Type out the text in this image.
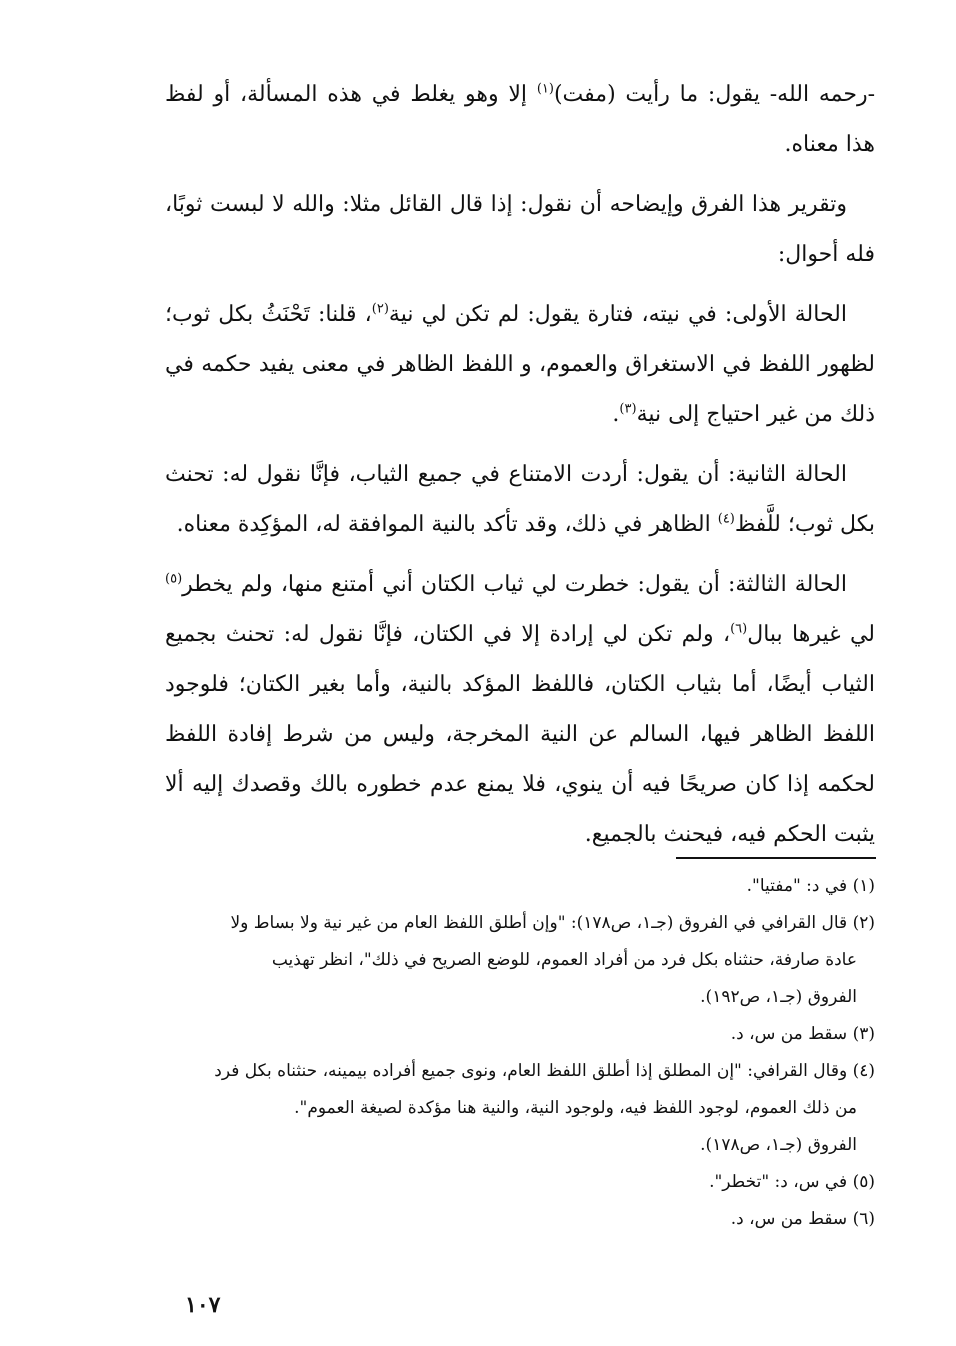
-رحمه الله- يقول: ما رأيت (مفت)$^{(١)}$ إلا وهو يغلط في هذه المسألة، أو لفظ هذا معناه.

وتقرير هذا الفرق وإيضاحه أن نقول: إذا قال القائل مثلا: والله لا لبست ثوبًا، فله أحوال:

الحالة الأولى: في نيته، فتارة يقول: لم تكن لي نية$^{(٢)}$، قلنا: تَحْنَثُ بكل ثوب؛ لظهور اللفظ في الاستغراق والعموم، و اللفظ الظاهر في معنى يفيد حكمه في ذلك من غير احتياج إلى نية$^{(٣)}$.

الحالة الثانية: أن يقول: أردت الامتناع في جميع الثياب، فإنَّا نقول له: تحنث بكل ثوب؛ للَّفظ$^{(٤)}$ الظاهر في ذلك، وقد تأكد بالنية الموافقة له، المؤكِدة معناه.

الحالة الثالثة: أن يقول: خطرت لي ثياب الكتان أني أمتنع منها، ولم يخطر$^{(٥)}$ لي غيرها ببال$^{(٦)}$، ولم تكن لي إرادة إلا في الكتان، فإنَّا نقول له: تحنث بجميع الثياب أيضًا، أما بثياب الكتان، فاللفظ المؤكد بالنية، وأما بغير الكتان؛ فلوجود اللفظ الظاهر فيها، السالم عن النية المخرجة، وليس من شرط إفادة اللفظ لحكمه إذا كان صريحًا فيه أن ينوي، فلا يمنع عدم خطوره بالك وقصدك إليه ألا يثبت الحكم فيه، فيحنث بالجميع.

(١) في د: "مفتيا".

(٢) قال القرافي في الفروق (جـ١، ص١٧٨): "وإن أطلق اللفظ العام من غير نية ولا بساط ولا

عادة صارفة، حنثناه بكل فرد من أفراد العموم، للوضع الصريح في ذلك"، انظر تهذيب

الفروق (جـ١، ص١٩٢).

(٣) سقط من س، د.

(٤) وقال القرافي: "إن المطلق إذا أطلق اللفظ العام، ونوى جميع أفراده بيمينه، حنثناه بكل فرد

من ذلك العموم، لوجود اللفظ فيه، ولوجود النية، والنية هنا مؤكدة لصيغة العموم".

الفروق (جـ١، ص١٧٨).

(٥) في س، د: "تخطر".

(٦) سقط من س، د.

١٠٧
